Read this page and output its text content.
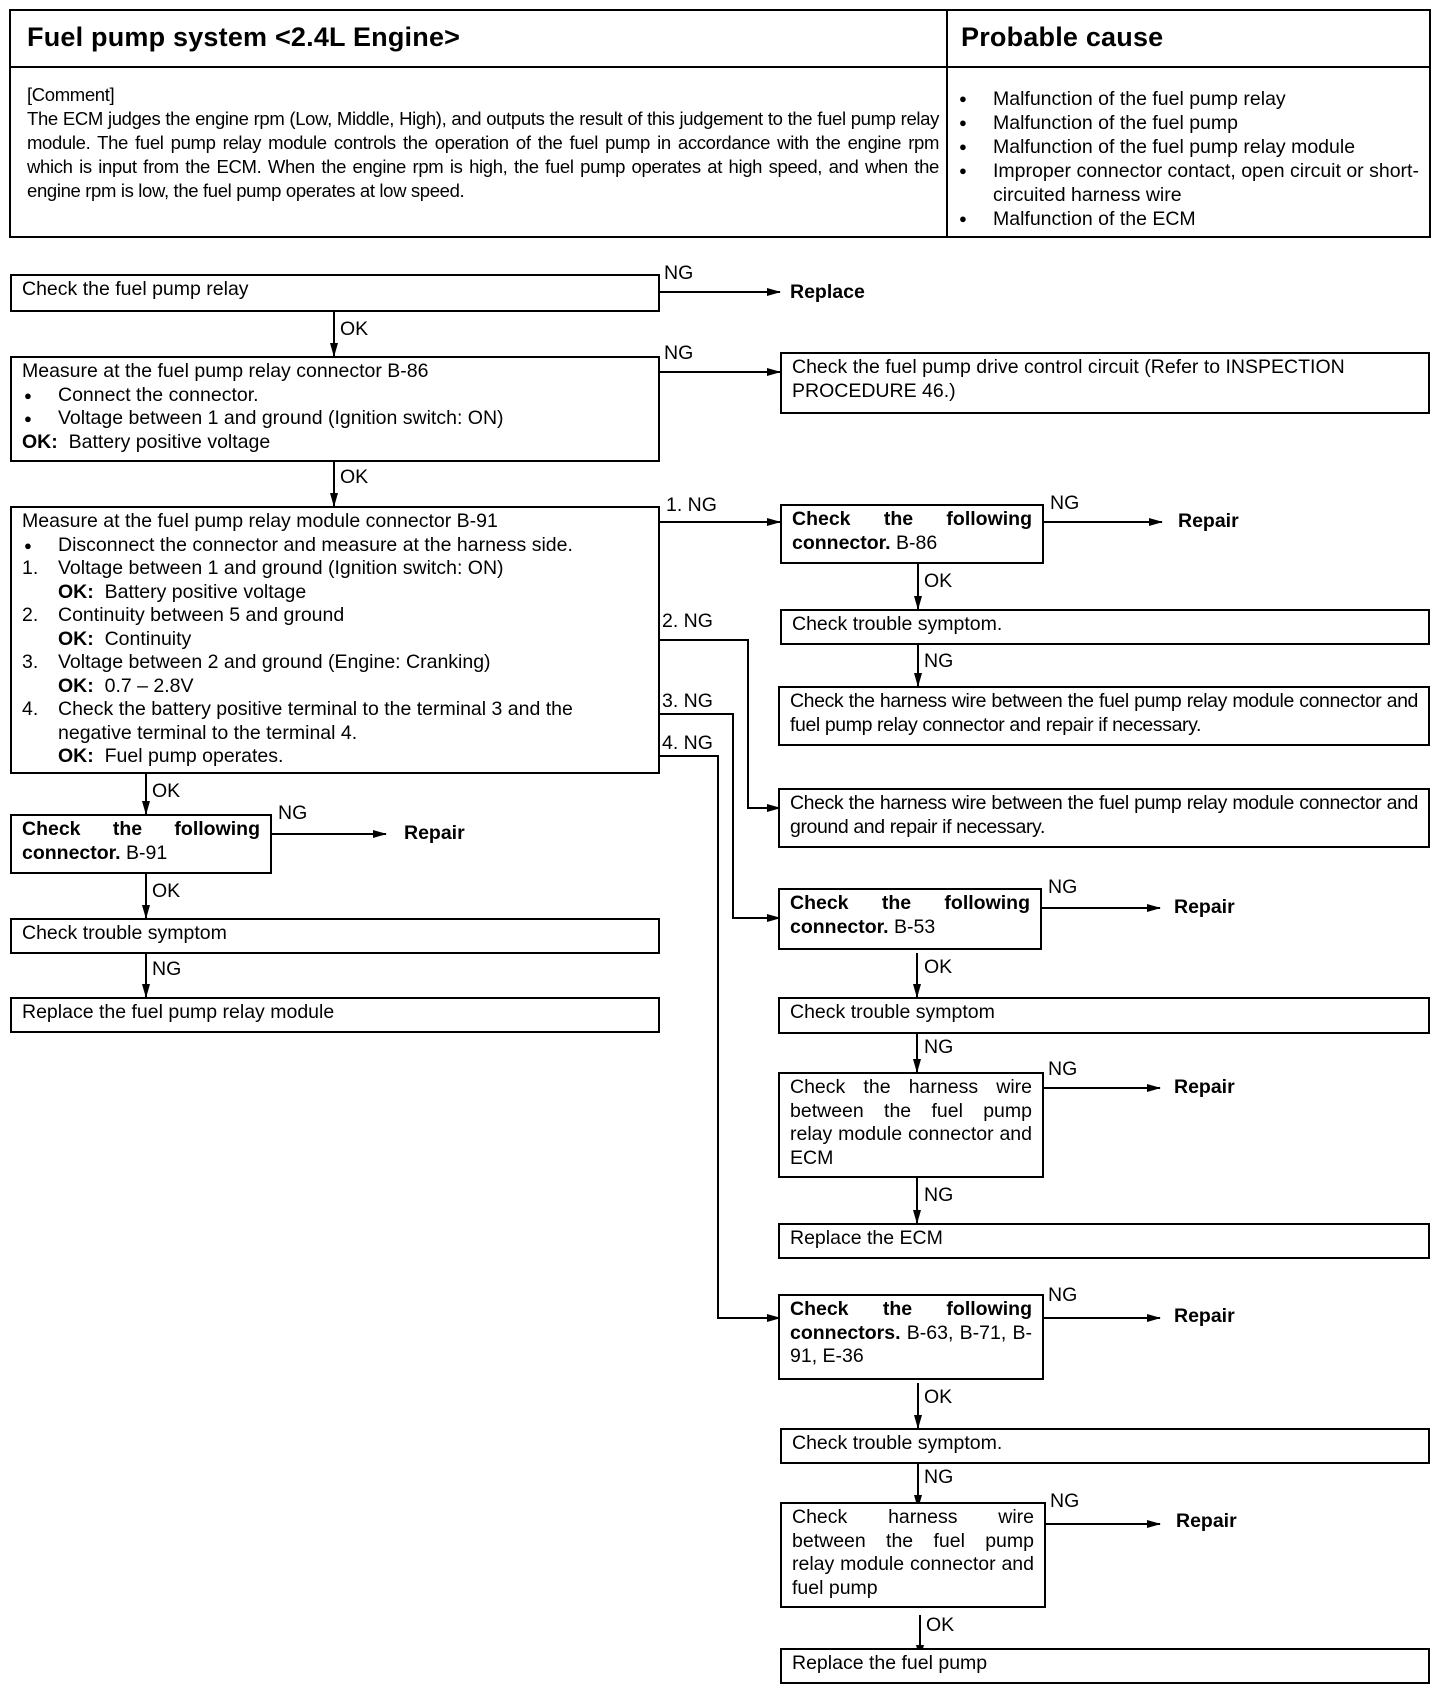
Fuel pump system <2.4L Engine>	Probable cause
[Comment]
The ECM judges the engine rpm (Low, Middle, High), and outputs the result of this judgement to the fuel pump relay module. The fuel pump relay module controls the operation of the fuel pump in accordance with the engine rpm which is input from the ECM. When the engine rpm is high, the fuel pump operates at high speed, and when the engine rpm is low, the fuel pump operates at low speed.
● Malfunction of the fuel pump relay
● Malfunction of the fuel pump
● Malfunction of the fuel pump relay module
● Improper connector contact, open circuit or short-circuited harness wire
● Malfunction of the ECM
Check the fuel pump relay
NG
Replace
OK
Measure at the fuel pump relay connector B-86
● Connect the connector.
● Voltage between 1 and ground (Ignition switch: ON)
OK: Battery positive voltage
NG
Check the fuel pump drive control circuit (Refer to INSPECTION PROCEDURE 46.)
OK
Measure at the fuel pump relay module connector B-91
● Disconnect the connector and measure at the harness side.
1. Voltage between 1 and ground (Ignition switch: ON)
OK: Battery positive voltage
2. Continuity between 5 and ground
OK: Continuity
3. Voltage between 2 and ground (Engine: Cranking)
OK: 0.7 – 2.8V
4. Check the battery positive terminal to the terminal 3 and the negative terminal to the terminal 4.
OK: Fuel pump operates.
1. NG
2. NG
3. NG
4. NG
OK
Check the following connector. B-91
NG
Repair
OK
Check trouble symptom
NG
Replace the fuel pump relay module
Check the following connector. B-86
NG
Repair
OK
Check trouble symptom.
NG
Check the harness wire between the fuel pump relay module connector and fuel pump relay connector and repair if necessary.
Check the harness wire between the fuel pump relay module connector and ground and repair if necessary.
Check the following connector. B-53
NG
Repair
OK
Check trouble symptom
NG
Check the harness wire between the fuel pump relay module connector and ECM
NG
Repair
NG
Replace the ECM
Check the following connectors. B-63, B-71, B-91, E-36
NG
Repair
OK
Check trouble symptom.
NG
Check harness wire between the fuel pump relay module connector and fuel pump
NG
Repair
OK
Replace the fuel pump
